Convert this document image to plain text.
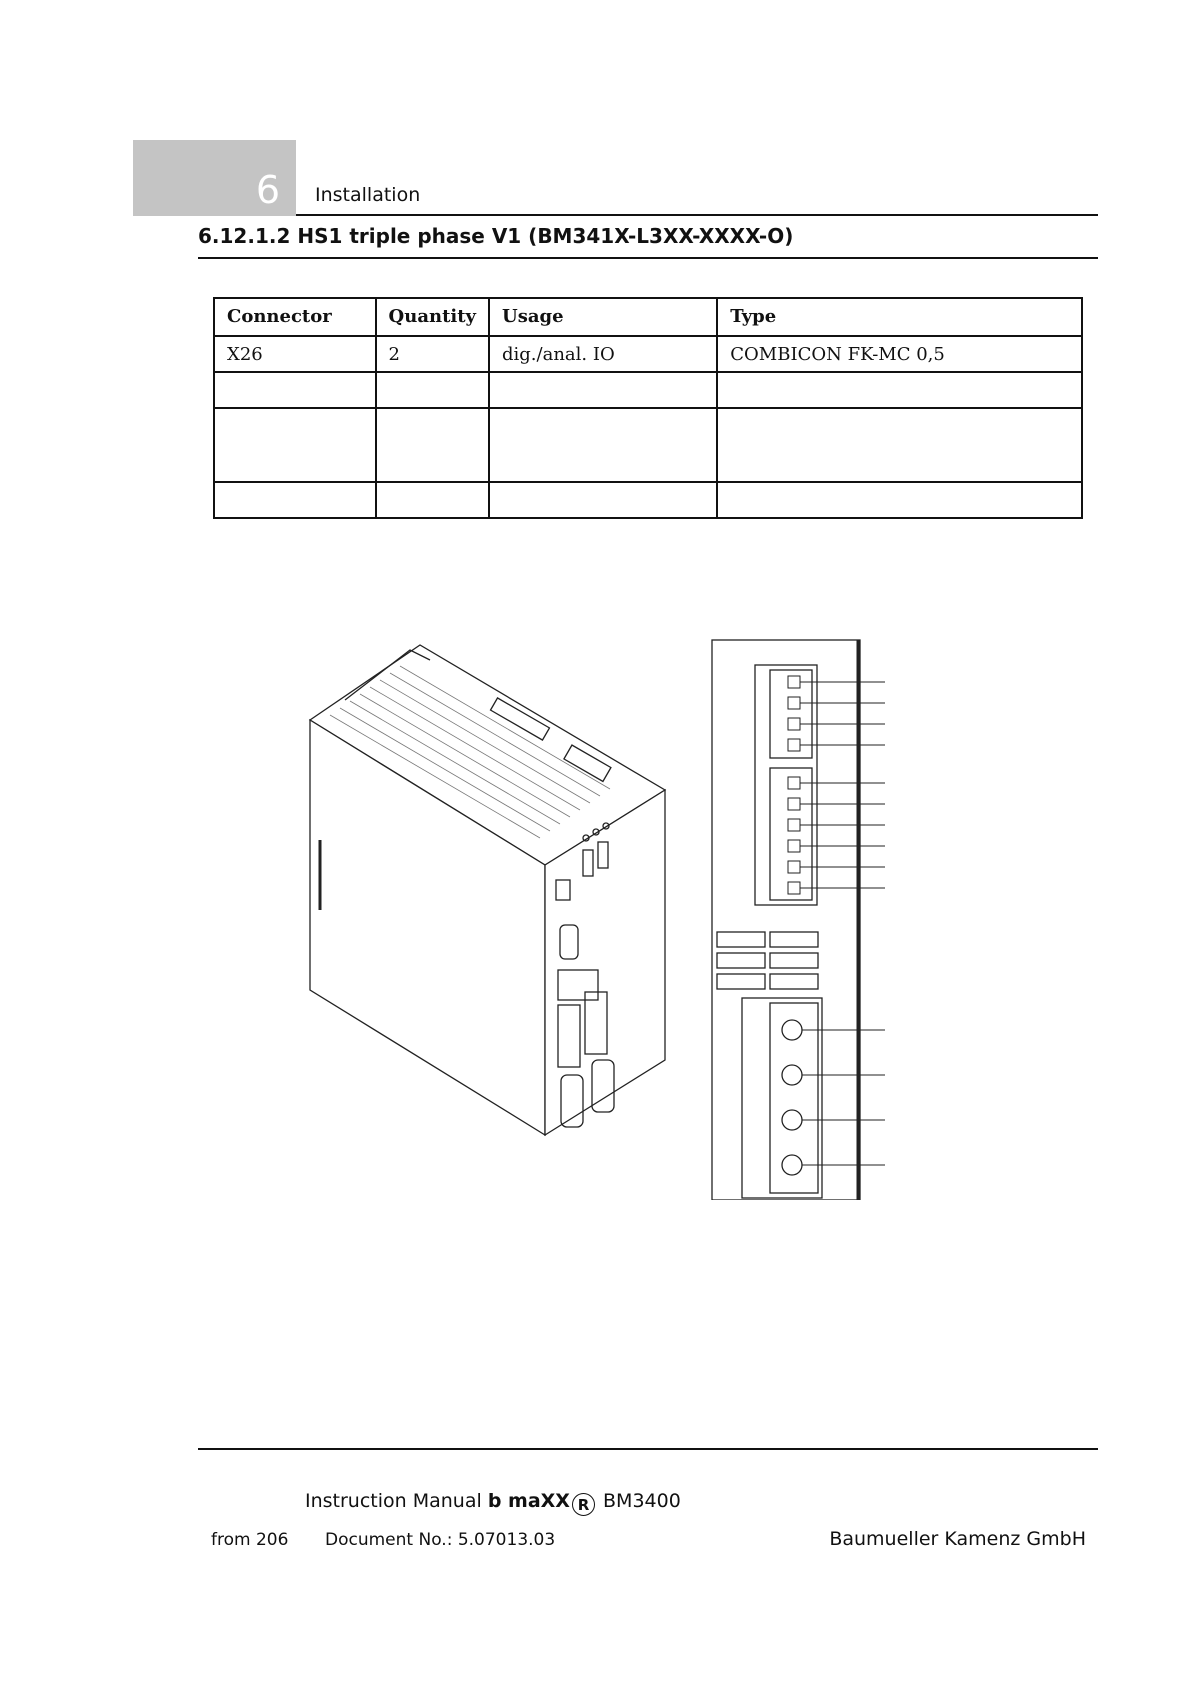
6 Installation
6.12.1.2 HS1 triple phase V1 (BM341X-L3XX-XXXX-O)
Connector	Quantity	Usage	Type
X26	2	dig./anal. IO	COMBICON FK-MC 0,5

Instruction Manual b maXX R BM3400
from 206 Document No.: 5.07013.03	Baumueller Kamenz GmbH
